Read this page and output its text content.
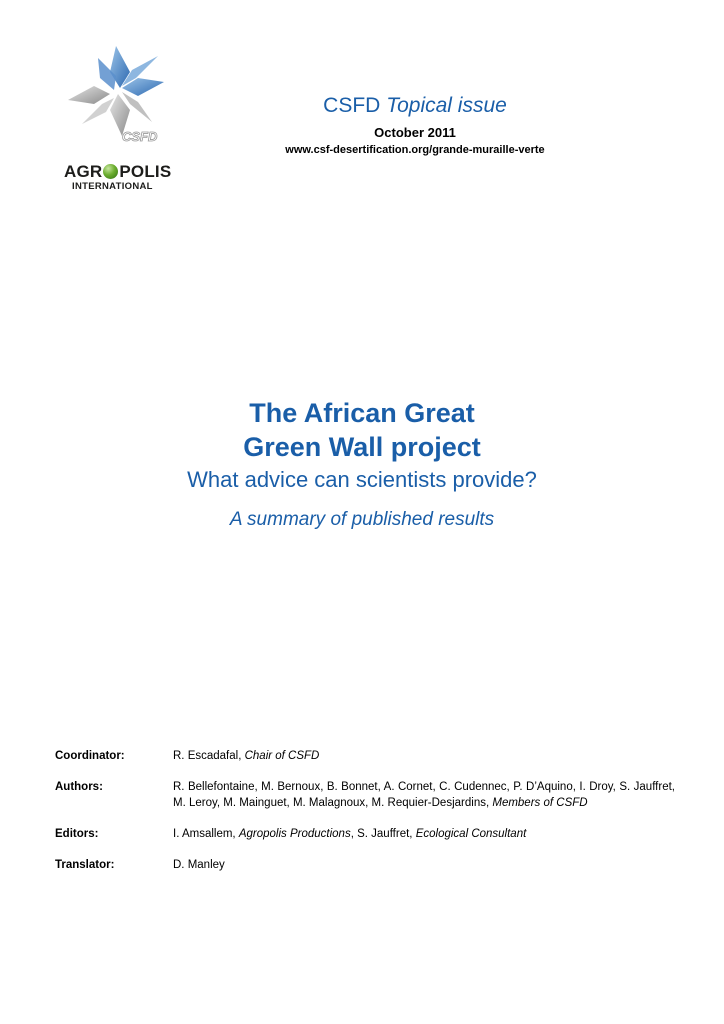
CSFD
AGR POLIS
INTERNATIONAL
CSFD Topical issue
October 2011
www.csf-desertification.org/grande-muraille-verte
The African Great
Green Wall project
What advice can scientists provide?
A summary of published results
Coordinator:	R. Escadafal, Chair of CSFD
Authors:	R. Bellefontaine, M. Bernoux, B. Bonnet, A. Cornet, C. Cudennec, P. D’Aquino, I. Droy, S. Jauffret, M. Leroy, M. Mainguet, M. Malagnoux, M. Requier-Desjardins, Members of CSFD
Editors:	I. Amsallem, Agropolis Productions, S. Jauffret, Ecological Consultant
Translator:	D. Manley
